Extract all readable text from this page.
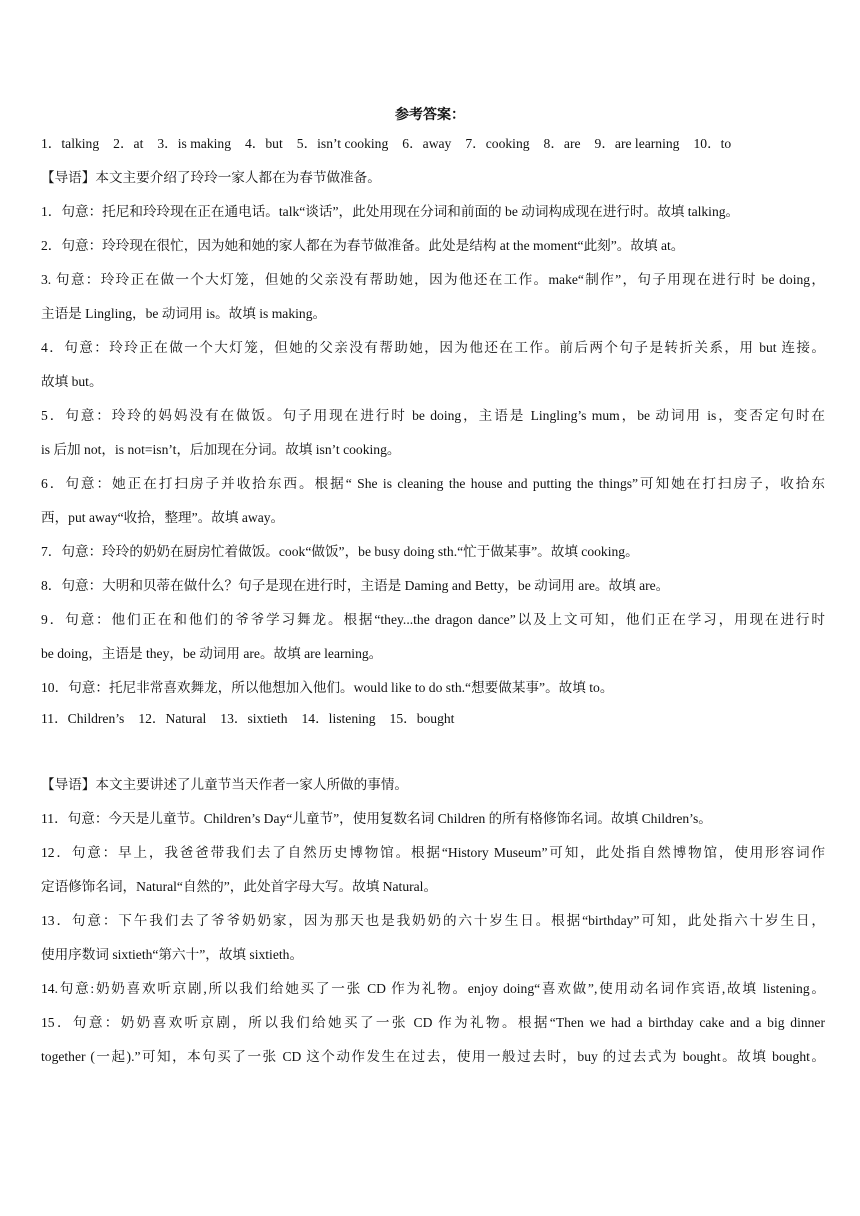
参考答案：
1．talking 2．at 3．is making 4．but 5．isn’t cooking 6．away 7．cooking 8．are 9．are learning 10．to
【导语】本文主要介绍了玲玲一家人都在为春节做准备。
1．句意：托尼和玲玲现在正在通电话。talk“谈话”，此处用现在分词和前面的 be 动词构成现在进行时。故填 talking。
2．句意：玲玲现在很忙，因为她和她的家人都在为春节做准备。此处是结构 at the moment“此刻”。故填 at。
3. 句意：玲玲正在做一个大灯笼，但她的父亲没有帮助她，因为他还在工作。make“制作”，句子用现在进行时 be doing，
主语是 Lingling，be 动词用 is。故填 is making。
4．句意：玲玲正在做一个大灯笼，但她的父亲没有帮助她，因为他还在工作。前后两个句子是转折关系，用 but 连接。
故填 but。
5．句意：玲玲的妈妈没有在做饭。句子用现在进行时 be doing，主语是 Lingling’s mum，be 动词用 is，变否定句时在
is 后加 not，is not=isn’t，后加现在分词。故填 isn’t cooking。
6．句意：她正在打扫房子并收拾东西。根据“ She is cleaning the house and putting the things”可知她在打扫房子，收拾东
西，put away“收拾，整理”。故填 away。
7．句意：玲玲的奶奶在厨房忙着做饭。cook“做饭”，be busy doing sth.“忙于做某事”。故填 cooking。
8．句意：大明和贝蒂在做什么？句子是现在进行时，主语是 Daming and Betty，be 动词用 are。故填 are。
9．句意：他们正在和他们的爷爷学习舞龙。根据“they...the dragon dance”以及上文可知，他们正在学习，用现在进行时
be doing，主语是 they，be 动词用 are。故填 are learning。
10．句意：托尼非常喜欢舞龙，所以他想加入他们。would like to do sth.“想要做某事”。故填 to。
11．Children’s 12．Natural 13．sixtieth 14．listening 15．bought
【导语】本文主要讲述了儿童节当天作者一家人所做的事情。
11．句意：今天是儿童节。Children’s Day“儿童节”，使用复数名词 Children 的所有格修饰名词。故填 Children’s。
12．句意：早上，我爸爸带我们去了自然历史博物馆。根据“History Museum”可知，此处指自然博物馆，使用形容词作
定语修饰名词，Natural“自然的”，此处首字母大写。故填 Natural。
13．句意：下午我们去了爷爷奶奶家，因为那天也是我奶奶的六十岁生日。根据“birthday”可知，此处指六十岁生日，
使用序数词 sixtieth“第六十”，故填 sixtieth。
14.句意:奶奶喜欢听京剧,所以我们给她买了一张 CD 作为礼物。enjoy doing“喜欢做”,使用动名词作宾语,故填 listening。
15．句意：奶奶喜欢听京剧，所以我们给她买了一张 CD 作为礼物。根据“Then we had a birthday cake and a big dinner
together (一起).”可知，本句买了一张 CD 这个动作发生在过去，使用一般过去时，buy 的过去式为 bought。故填 bought。
